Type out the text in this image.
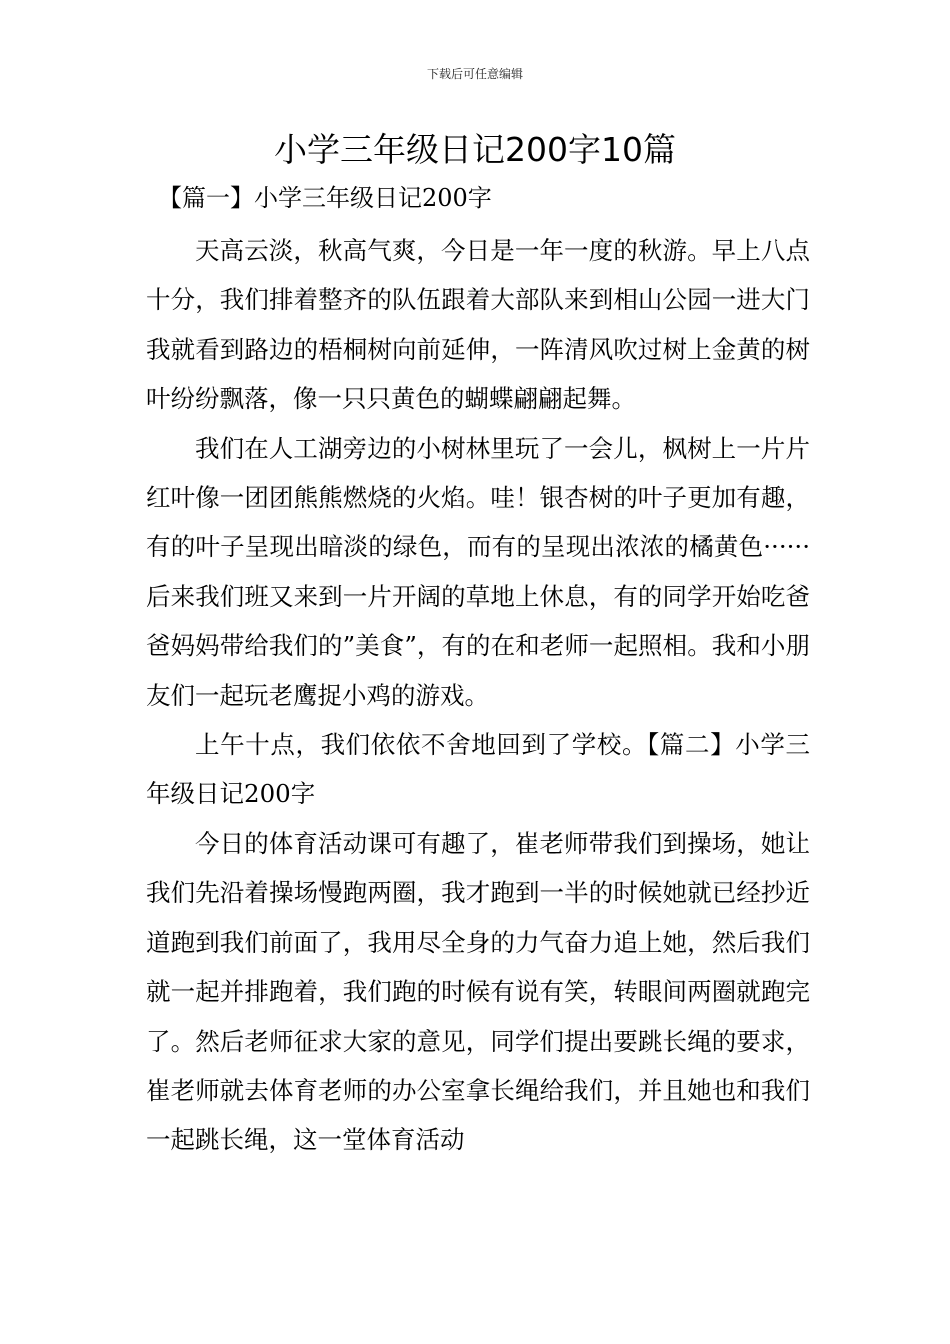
下载后可任意编辑
小学三年级日记200字10篇
【篇一】小学三年级日记200字

天高云淡，秋高气爽，今日是一年一度的秋游。早上八点十分，我们排着整齐的队伍跟着大部队来到相山公园一进大门我就看到路边的梧桐树向前延伸，一阵清风吹过树上金黄的树叶纷纷飘落，像一只只黄色的蝴蝶翩翩起舞。

我们在人工湖旁边的小树林里玩了一会儿，枫树上一片片红叶像一团团熊熊燃烧的火焰。哇！银杏树的叶子更加有趣，有的叶子呈现出暗淡的绿色，而有的呈现出浓浓的橘黄色······后来我们班又来到一片开阔的草地上休息，有的同学开始吃爸爸妈妈带给我们的”美食”，有的在和老师一起照相。我和小朋友们一起玩老鹰捉小鸡的游戏。

上午十点，我们依依不舍地回到了学校。【篇二】小学三年级日记200字

今日的体育活动课可有趣了，崔老师带我们到操场，她让我们先沿着操场慢跑两圈，我才跑到一半的时候她就已经抄近道跑到我们前面了，我用尽全身的力气奋力追上她，然后我们就一起并排跑着，我们跑的时候有说有笑，转眼间两圈就跑完了。然后老师征求大家的意见，同学们提出要跳长绳的要求，崔老师就去体育老师的办公室拿长绳给我们，并且她也和我们一起跳长绳，这一堂体育活动
